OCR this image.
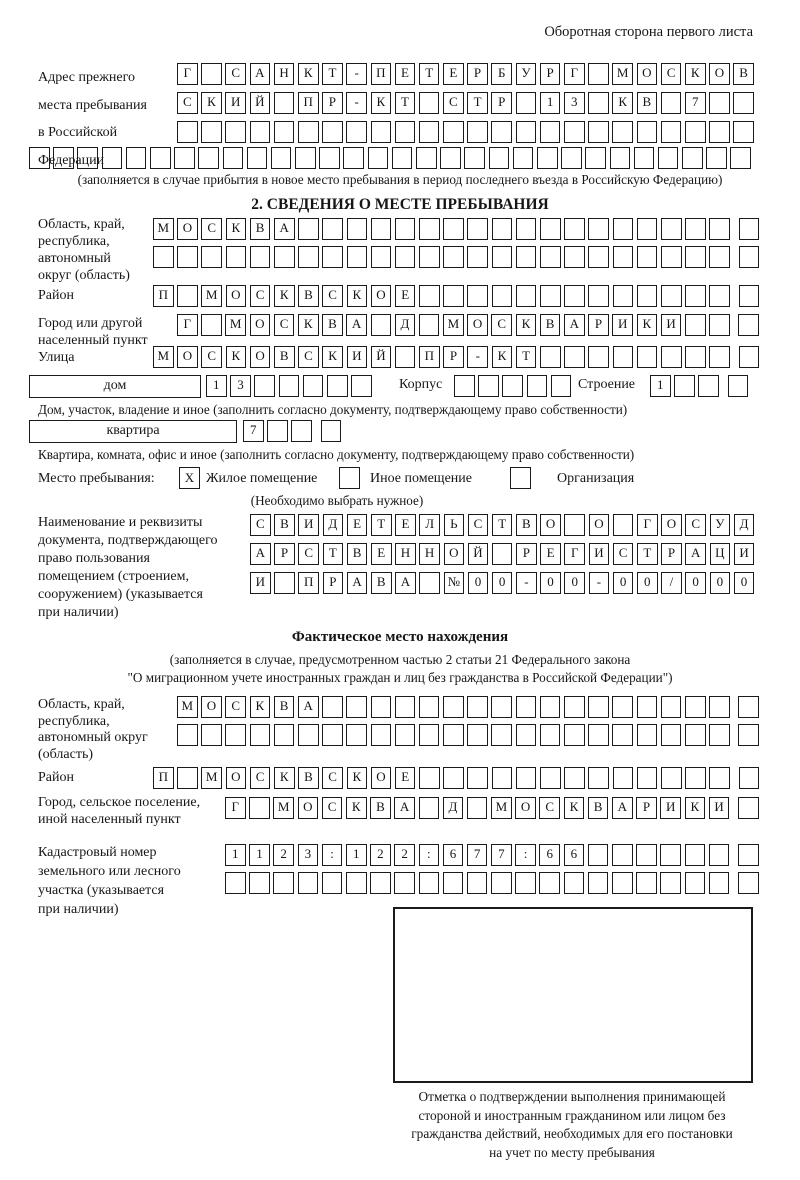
Оборотная сторона первого листа
Адрес прежнего
места пребывания
в Российской
Федерации
Г	С	А	Н	К	Т	-	П	Е	Т	Е	Р	Б	У	Р	Г	М	О	С	К	О	В
С	К	И	Й	П	Р	-	К	Т	С	Т	Р	1	3	К	В	7
(заполняется в случае прибытия в новое место пребывания в период последнего въезда в Российскую Федерацию)
2. СВЕДЕНИЯ О МЕСТЕ ПРЕБЫВАНИЯ
Область, край,
республика,
автономный
округ (область)
М	О	С	К	В	А
Район	П	М	О	С	К	В	С	К	О	Е
Город или другой
населенный пункт
Г	М	О	С	К	В	А	Д	М	О	С	К	В	А	Р	И	К	И
Улица	М	О	С	К	О	В	С	К	И	Й	П	Р	-	К	Т
дом	1	3	Корпус	Строение	1
Дом, участок, владение и иное (заполнить согласно документу, подтверждающему право собственности)
квартира	7
Квартира, комната, офис и иное (заполнить согласно документу, подтверждающему право собственности)
Место пребывания:	X Жилое помещение	Иное помещение	Организация
(Необходимо выбрать нужное)
Наименование и реквизиты
документа, подтверждающего
право пользования
помещением (строением,
сооружением) (указывается
при наличии)
С	В	И	Д	Е	Т	Е	Л	Ь	С	Т	В	О	О	Г	О	С	У	Д
А	Р	С	Т	В	Е	Н	Н	О	Й	Р	Е	Г	И	С	Т	Р	А	Ц	И
И	П	Р	А	В	А	№	0	0	-	0	0	-	0	0	/	0	0	0
Фактическое место нахождения
(заполняется в случае, предусмотренном частью 2 статьи 21 Федерального закона
"О миграционном учете иностранных граждан и лиц без гражданства в Российской Федерации")
Область, край,
республика,
автономный округ
(область)
М	О	С	К	В	А
Район	П	М	О	С	К	В	С	К	О	Е
Город, сельское поселение,
иной населенный пункт
Г	М	О	С	К	В	А	Д	М	О	С	К	В	А	Р	И	К	И
Кадастровый номер
земельного или лесного
участка (указывается
при наличии)
1	1	2	3	:	1	2	2	:	6	7	7	:	6	6
Отметка о подтверждении выполнения принимающей
стороной и иностранным гражданином или лицом без
гражданства действий, необходимых для его постановки
на учет по месту пребывания
